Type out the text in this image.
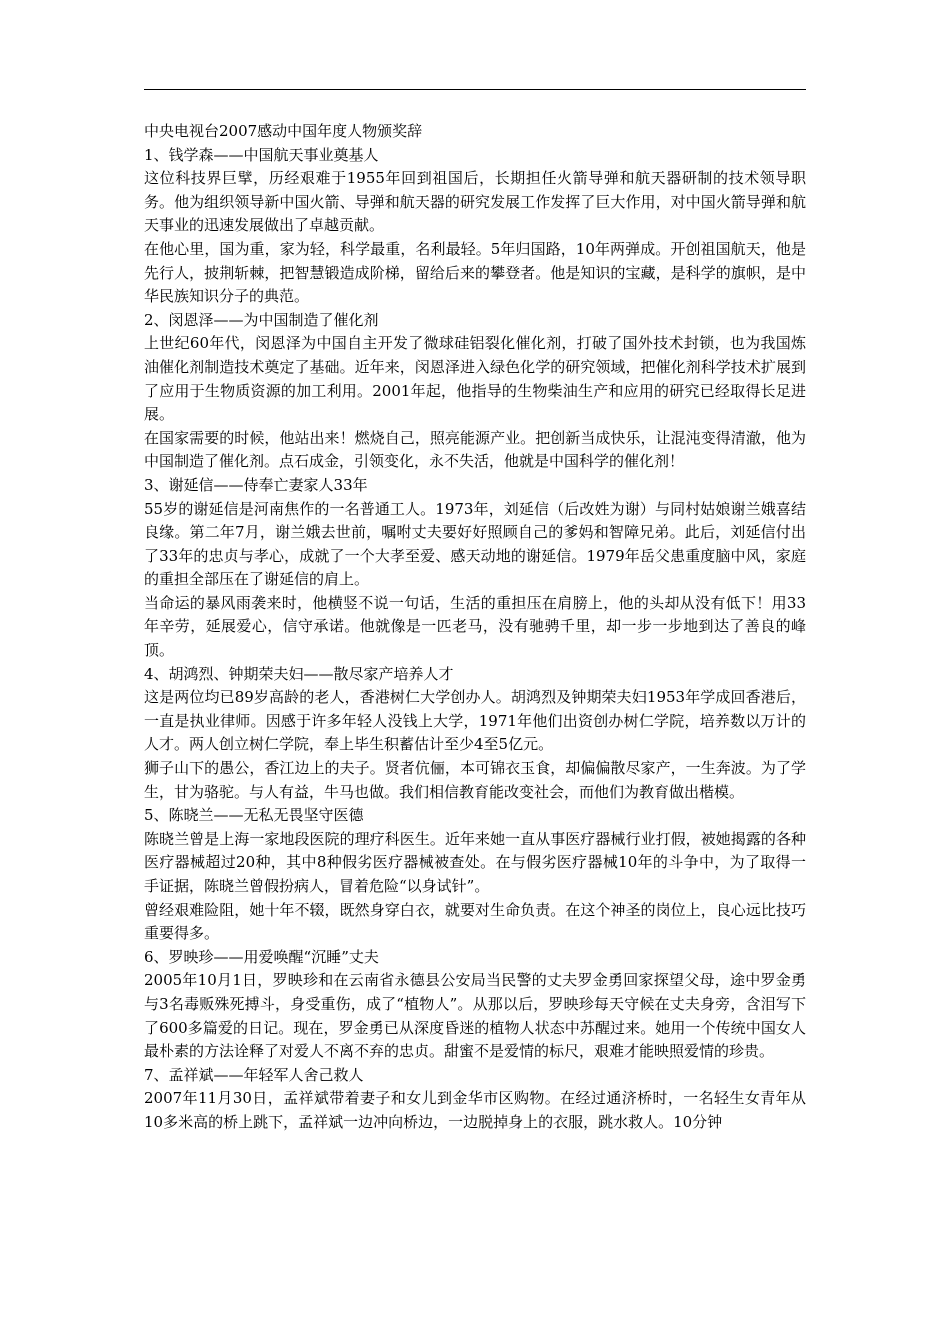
中央电视台2007感动中国年度人物颁奖辞

1、钱学森——中国航天事业奠基人

这位科技界巨擘，历经艰难于1955年回到祖国后，长期担任火箭导弹和航天器研制的技术领导职务。他为组织领导新中国火箭、导弹和航天器的研究发展工作发挥了巨大作用，对中国火箭导弹和航天事业的迅速发展做出了卓越贡献。

在他心里，国为重，家为轻，科学最重，名利最轻。5年归国路，10年两弹成。开创祖国航天，他是先行人，披荆斩棘，把智慧锻造成阶梯，留给后来的攀登者。他是知识的宝藏，是科学的旗帜，是中华民族知识分子的典范。

2、闵恩泽——为中国制造了催化剂

上世纪60年代，闵恩泽为中国自主开发了微球硅铝裂化催化剂，打破了国外技术封锁，也为我国炼油催化剂制造技术奠定了基础。近年来，闵恩泽进入绿色化学的研究领域，把催化剂科学技术扩展到了应用于生物质资源的加工利用。2001年起，他指导的生物柴油生产和应用的研究已经取得长足进展。

在国家需要的时候，他站出来！燃烧自己，照亮能源产业。把创新当成快乐，让混沌变得清澈，他为中国制造了催化剂。点石成金，引领变化，永不失活，他就是中国科学的催化剂！

3、谢延信——侍奉亡妻家人33年

55岁的谢延信是河南焦作的一名普通工人。1973年，刘延信（后改姓为谢）与同村姑娘谢兰娥喜结良缘。第二年7月，谢兰娥去世前，嘱咐丈夫要好好照顾自己的爹妈和智障兄弟。此后，刘延信付出了33年的忠贞与孝心，成就了一个大孝至爱、感天动地的谢延信。1979年岳父患重度脑中风，家庭的重担全部压在了谢延信的肩上。

当命运的暴风雨袭来时，他横竖不说一句话，生活的重担压在肩膀上，他的头却从没有低下！用33年辛劳，延展爱心，信守承诺。他就像是一匹老马，没有驰骋千里，却一步一步地到达了善良的峰顶。

4、胡鸿烈、钟期荣夫妇——散尽家产培养人才

这是两位均已89岁高龄的老人，香港树仁大学创办人。胡鸿烈及钟期荣夫妇1953年学成回香港后，一直是执业律师。因感于许多年轻人没钱上大学，1971年他们出资创办树仁学院，培养数以万计的人才。两人创立树仁学院，奉上毕生积蓄估计至少4至5亿元。

狮子山下的愚公，香江边上的夫子。贤者伉俪，本可锦衣玉食，却偏偏散尽家产，一生奔波。为了学生，甘为骆驼。与人有益，牛马也做。我们相信教育能改变社会，而他们为教育做出楷模。

5、陈晓兰——无私无畏坚守医德

陈晓兰曾是上海一家地段医院的理疗科医生。近年来她一直从事医疗器械行业打假，被她揭露的各种医疗器械超过20种，其中8种假劣医疗器械被查处。在与假劣医疗器械10年的斗争中，为了取得一手证据，陈晓兰曾假扮病人，冒着危险“以身试针”。

曾经艰难险阻，她十年不辍，既然身穿白衣，就要对生命负责。在这个神圣的岗位上，良心远比技巧重要得多。

6、罗映珍——用爱唤醒“沉睡”丈夫

2005年10月1日，罗映珍和在云南省永德县公安局当民警的丈夫罗金勇回家探望父母，途中罗金勇与3名毒贩殊死搏斗，身受重伤，成了“植物人”。从那以后，罗映珍每天守候在丈夫身旁，含泪写下了600多篇爱的日记。现在，罗金勇已从深度昏迷的植物人状态中苏醒过来。她用一个传统中国女人最朴素的方法诠释了对爱人不离不弃的忠贞。甜蜜不是爱情的标尺，艰难才能映照爱情的珍贵。

7、孟祥斌——年轻军人舍己救人

2007年11月30日，孟祥斌带着妻子和女儿到金华市区购物。在经过通济桥时，一名轻生女青年从10多米高的桥上跳下，孟祥斌一边冲向桥边，一边脱掉身上的衣服，跳水救人。10分钟
